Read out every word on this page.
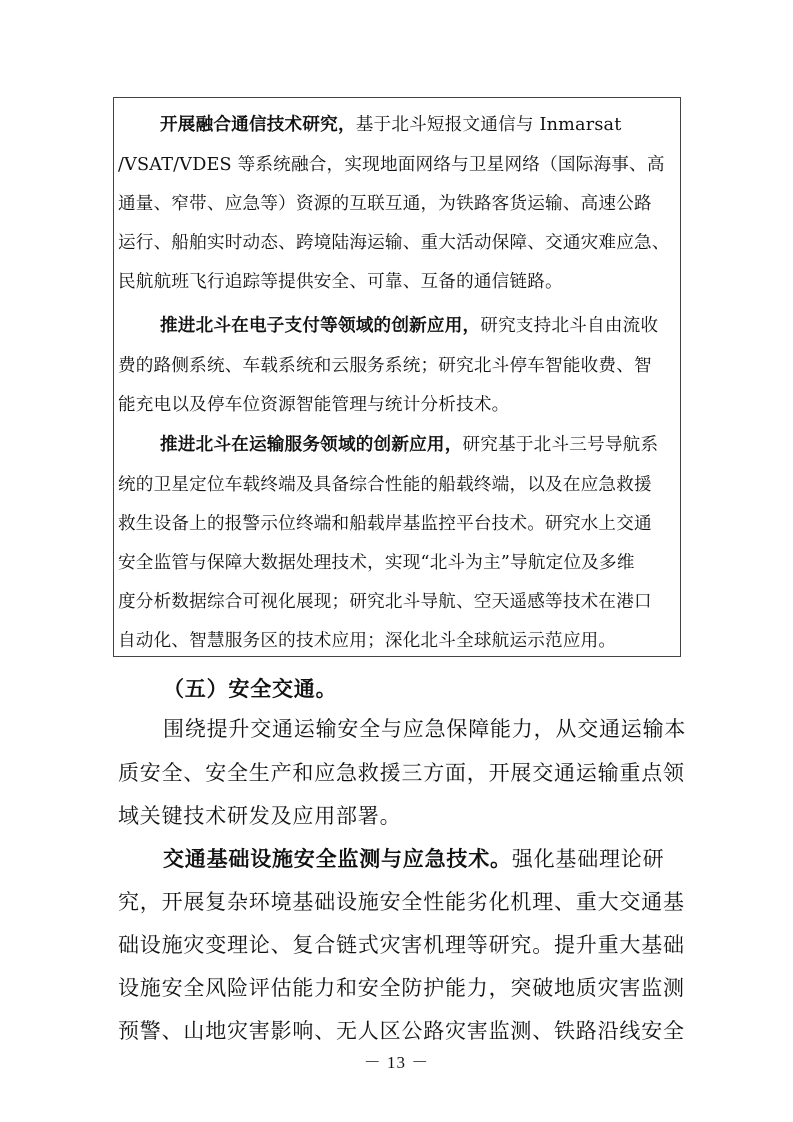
开展融合通信技术研究，基于北斗短报文通信与 Inmarsat

/VSAT/VDES 等系统融合，实现地面网络与卫星网络（国际海事、高

通量、窄带、应急等）资源的互联互通，为铁路客货运输、高速公路

运行、船舶实时动态、跨境陆海运输、重大活动保障、交通灾难应急、

民航航班飞行追踪等提供安全、可靠、互备的通信链路。

推进北斗在电子支付等领域的创新应用，研究支持北斗自由流收

费的路侧系统、车载系统和云服务系统；研究北斗停车智能收费、智

能充电以及停车位资源智能管理与统计分析技术。

推进北斗在运输服务领域的创新应用，研究基于北斗三号导航系

统的卫星定位车载终端及具备综合性能的船载终端，以及在应急救援

救生设备上的报警示位终端和船载岸基监控平台技术。研究水上交通

安全监管与保障大数据处理技术，实现“北斗为主”导航定位及多维

度分析数据综合可视化展现；研究北斗导航、空天遥感等技术在港口

自动化、智慧服务区的技术应用；深化北斗全球航运示范应用。

（五）安全交通。

围绕提升交通运输安全与应急保障能力，从交通运输本

质安全、安全生产和应急救援三方面，开展交通运输重点领

域关键技术研发及应用部署。

交通基础设施安全监测与应急技术。强化基础理论研

究，开展复杂环境基础设施安全性能劣化机理、重大交通基

础设施灾变理论、复合链式灾害机理等研究。提升重大基础

设施安全风险评估能力和安全防护能力，突破地质灾害监测

预警、山地灾害影响、无人区公路灾害监测、铁路沿线安全

－ 13 －
